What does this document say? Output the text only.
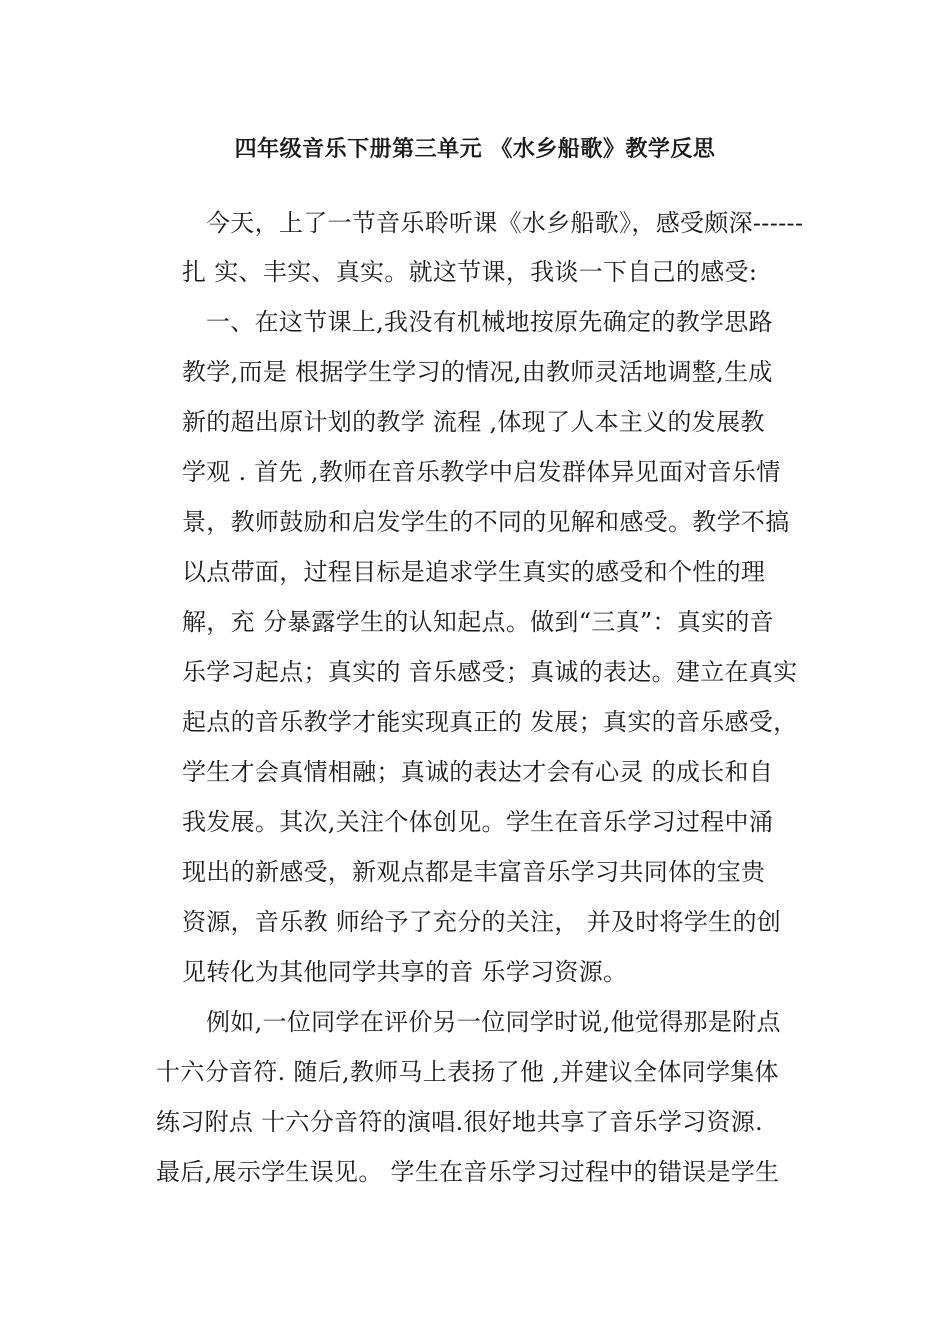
四年级音乐下册第三单元 《水乡船歌》教学反思
今天，上了一节音乐聆听课《水乡船歌》，感受颇深------
扎 实、丰实、真实。就这节课，我谈一下自己的感受:
一、在这节课上,我没有机械地按原先确定的教学思路
教学,而是 根据学生学习的情况,由教师灵活地调整,生成
新的超出原计划的教学 流程 ,体现了人本主义的发展教
学观 . 首先 ,教师在音乐教学中启发群体异见面对音乐情
景，教师鼓励和启发学生的不同的见解和感受。教学不搞
以点带面，过程目标是追求学生真实的感受和个性的理
解，充 分暴露学生的认知起点。做到“三真”：真实的音
乐学习起点；真实的 音乐感受；真诚的表达。建立在真实
起点的音乐教学才能实现真正的 发展；真实的音乐感受，
学生才会真情相融；真诚的表达才会有心灵 的成长和自
我发展。其次,关注个体创见。学生在音乐学习过程中涌
现出的新感受，新观点都是丰富音乐学习共同体的宝贵
资源，音乐教 师给予了充分的关注， 并及时将学生的创
见转化为其他同学共享的音 乐学习资源。
例如,一位同学在评价另一位同学时说,他觉得那是附点
十六分音符. 随后,教师马上表扬了他 ,并建议全体同学集体
练习附点 十六分音符的演唱.很好地共享了音乐学习资源.
最后,展示学生误见。 学生在音乐学习过程中的错误是学生
